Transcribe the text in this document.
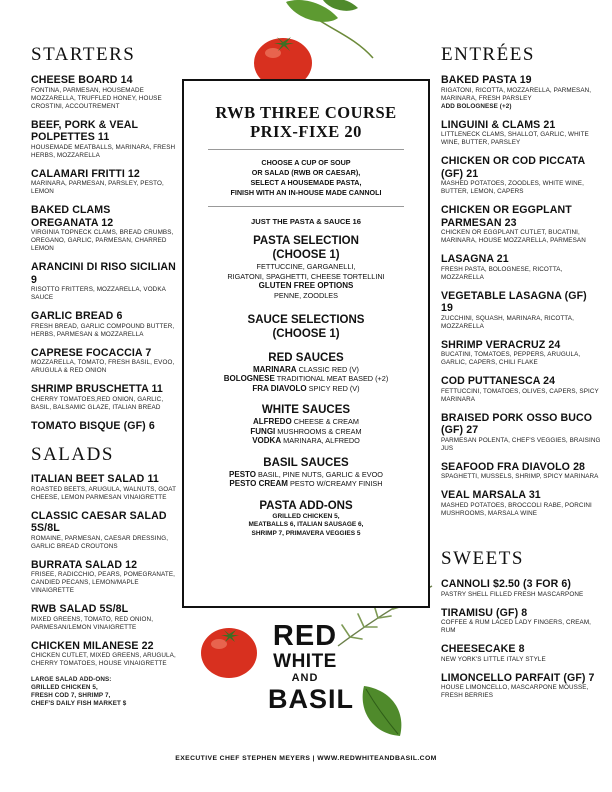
STARTERS
CHEESE BOARD 14
FONTINA, PARMESAN, HOUSEMADE MOZZARELLA, TRUFFLED HONEY, HOUSE CROSTINI, ACCOUTREMENT
BEEF, PORK & VEAL POLPETTES 11
HOUSEMADE MEATBALLS, MARINARA, FRESH HERBS, MOZZARELLA
CALAMARI FRITTI 12
MARINARA, PARMESAN, PARSLEY, PESTO, LEMON
BAKED CLAMS OREGANATA 12
VIRGINIA TOPNECK CLAMS, BREAD CRUMBS, OREGANO, GARLIC, PARMESAN, CHARRED LEMON
ARANCINI DI RISO SICILIAN 9
RISOTTO FRITTERS, MOZZARELLA, VODKA SAUCE
GARLIC BREAD 6
FRESH BREAD, GARLIC COMPOUND BUTTER, HERBS, PARMESAN & MOZZARELLA
CAPRESE FOCACCIA 7
MOZZARELLA, TOMATO, FRESH BASIL, EVOO, ARUGULA & RED ONION
SHRIMP BRUSCHETTA 11
CHERRY TOMATOES,RED ONION, GARLIC, BASIL, BALSAMIC GLAZE, ITALIAN BREAD
TOMATO BISQUE (GF) 6
SALADS
ITALIAN BEET SALAD 11
ROASTED BEETS, ARUGULA, WALNUTS, GOAT CHEESE, LEMON PARMESAN VINAIGRETTE
CLASSIC CAESAR SALAD 5S/8L
ROMAINE, PARMESAN, CAESAR DRESSING, GARLIC BREAD CROUTONS
BURRATA SALAD 12
FRISEE, RADICCHIO, PEARS, POMEGRANATE, CANDIED PECANS, LEMON/MAPLE VINAIGRETTE
RWB SALAD 5S/8L
MIXED GREENS, TOMATO, RED ONION, PARMESAN/LEMON VINAIGRETTE
CHICKEN MILANESE 22
CHICKEN CUTLET, MIXED GREENS, ARUGULA, CHERRY TOMATOES, HOUSE VINAIGRETTE
LARGE SALAD ADD-ONS:
GRILLED CHICKEN 5,
FRESH COD 7, SHRIMP 7,
CHEF'S DAILY FISH MARKET $
RWB THREE COURSE
PRIX-FIXE 20
CHOOSE A CUP OF SOUP
OR SALAD (RWB OR CAESAR),
SELECT A HOUSEMADE PASTA,
FINISH WITH AN IN-HOUSE MADE CANNOLI
JUST THE PASTA & SAUCE 16
PASTA SELECTION
(CHOOSE 1)
FETTUCCINE, GARGANELLI,
RIGATONI, SPAGHETTI, CHEESE TORTELLINI
GLUTEN FREE OPTIONS
PENNE, ZOODLES
SAUCE SELECTIONS
(CHOOSE 1)
RED SAUCES
MARINARA CLASSIC RED (V)
BOLOGNESE TRADITIONAL MEAT BASED (+2)
FRA DIAVOLO SPICY RED (V)
WHITE SAUCES
ALFREDO CHEESE & CREAM
FUNGI MUSHROOMS & CREAM
VODKA MARINARA, ALFREDO
BASIL SAUCES
PESTO BASIL, PINE NUTS, GARLIC & EVOO
PESTO CREAM PESTO W/CREAMY FINISH
PASTA ADD-ONS
GRILLED CHICKEN 5,
MEATBALLS 6, ITALIAN SAUSAGE 6,
SHRIMP 7, PRIMAVERA VEGGIES 5
ENTRÉES
BAKED PASTA 19
RIGATONI, RICOTTA, MOZZARELLA, PARMESAN, MARINARA, FRESH PARSLEY
ADD BOLOGNESE (+2)
LINGUINI & CLAMS 21
LITTLENECK CLAMS, SHALLOT, GARLIC, WHITE WINE, BUTTER, PARSLEY
CHICKEN OR COD PICCATA (GF) 21
MASHED POTATOES, ZOODLES, WHITE WINE, BUTTER, LEMON, CAPERS
CHICKEN OR EGGPLANT PARMESAN 23
CHICKEN OR EGGPLANT CUTLET, BUCATINI, MARINARA, HOUSE MOZZARELLA, PARMESAN
LASAGNA 21
FRESH PASTA, BOLOGNESE, RICOTTA, MOZZARELLA
VEGETABLE LASAGNA (GF) 19
ZUCCHINI, SQUASH, MARINARA, RICOTTA, MOZZARELLA
SHRIMP VERACRUZ 24
BUCATINI, TOMATOES, PEPPERS, ARUGULA, GARLIC, CAPERS, CHILI FLAKE
COD PUTTANESCA 24
FETTUCCINI, TOMATOES, OLIVES, CAPERS, SPICY MARINARA
BRAISED PORK OSSO BUCO (GF) 27
PARMESAN POLENTA, CHEF'S VEGGIES, BRAISING JUS
SEAFOOD FRA DIAVOLO 28
SPAGHETTI, MUSSELS, SHRIMP, SPICY MARINARA
VEAL MARSALA 31
MASHED POTATOES, BROCCOLI RABE, PORCINI MUSHROOMS, MARSALA WINE
SWEETS
CANNOLI $2.50 (3 FOR 6)
PASTRY SHELL FILLED FRESH MASCARPONE
TIRAMISU (GF) 8
COFFEE & RUM LACED LADY FINGERS, CREAM, RUM
CHEESECAKE 8
NEW YORK'S LITTLE ITALY STYLE
LIMONCELLO PARFAIT (GF) 7
HOUSE LIMONCELLO, MASCARPONE MOUSSE, FRESH BERRIES
RED
WHITE
AND
BASIL
EXECUTIVE CHEF STEPHEN MEYERS | WWW.REDWHITEANDBASIL.COM
